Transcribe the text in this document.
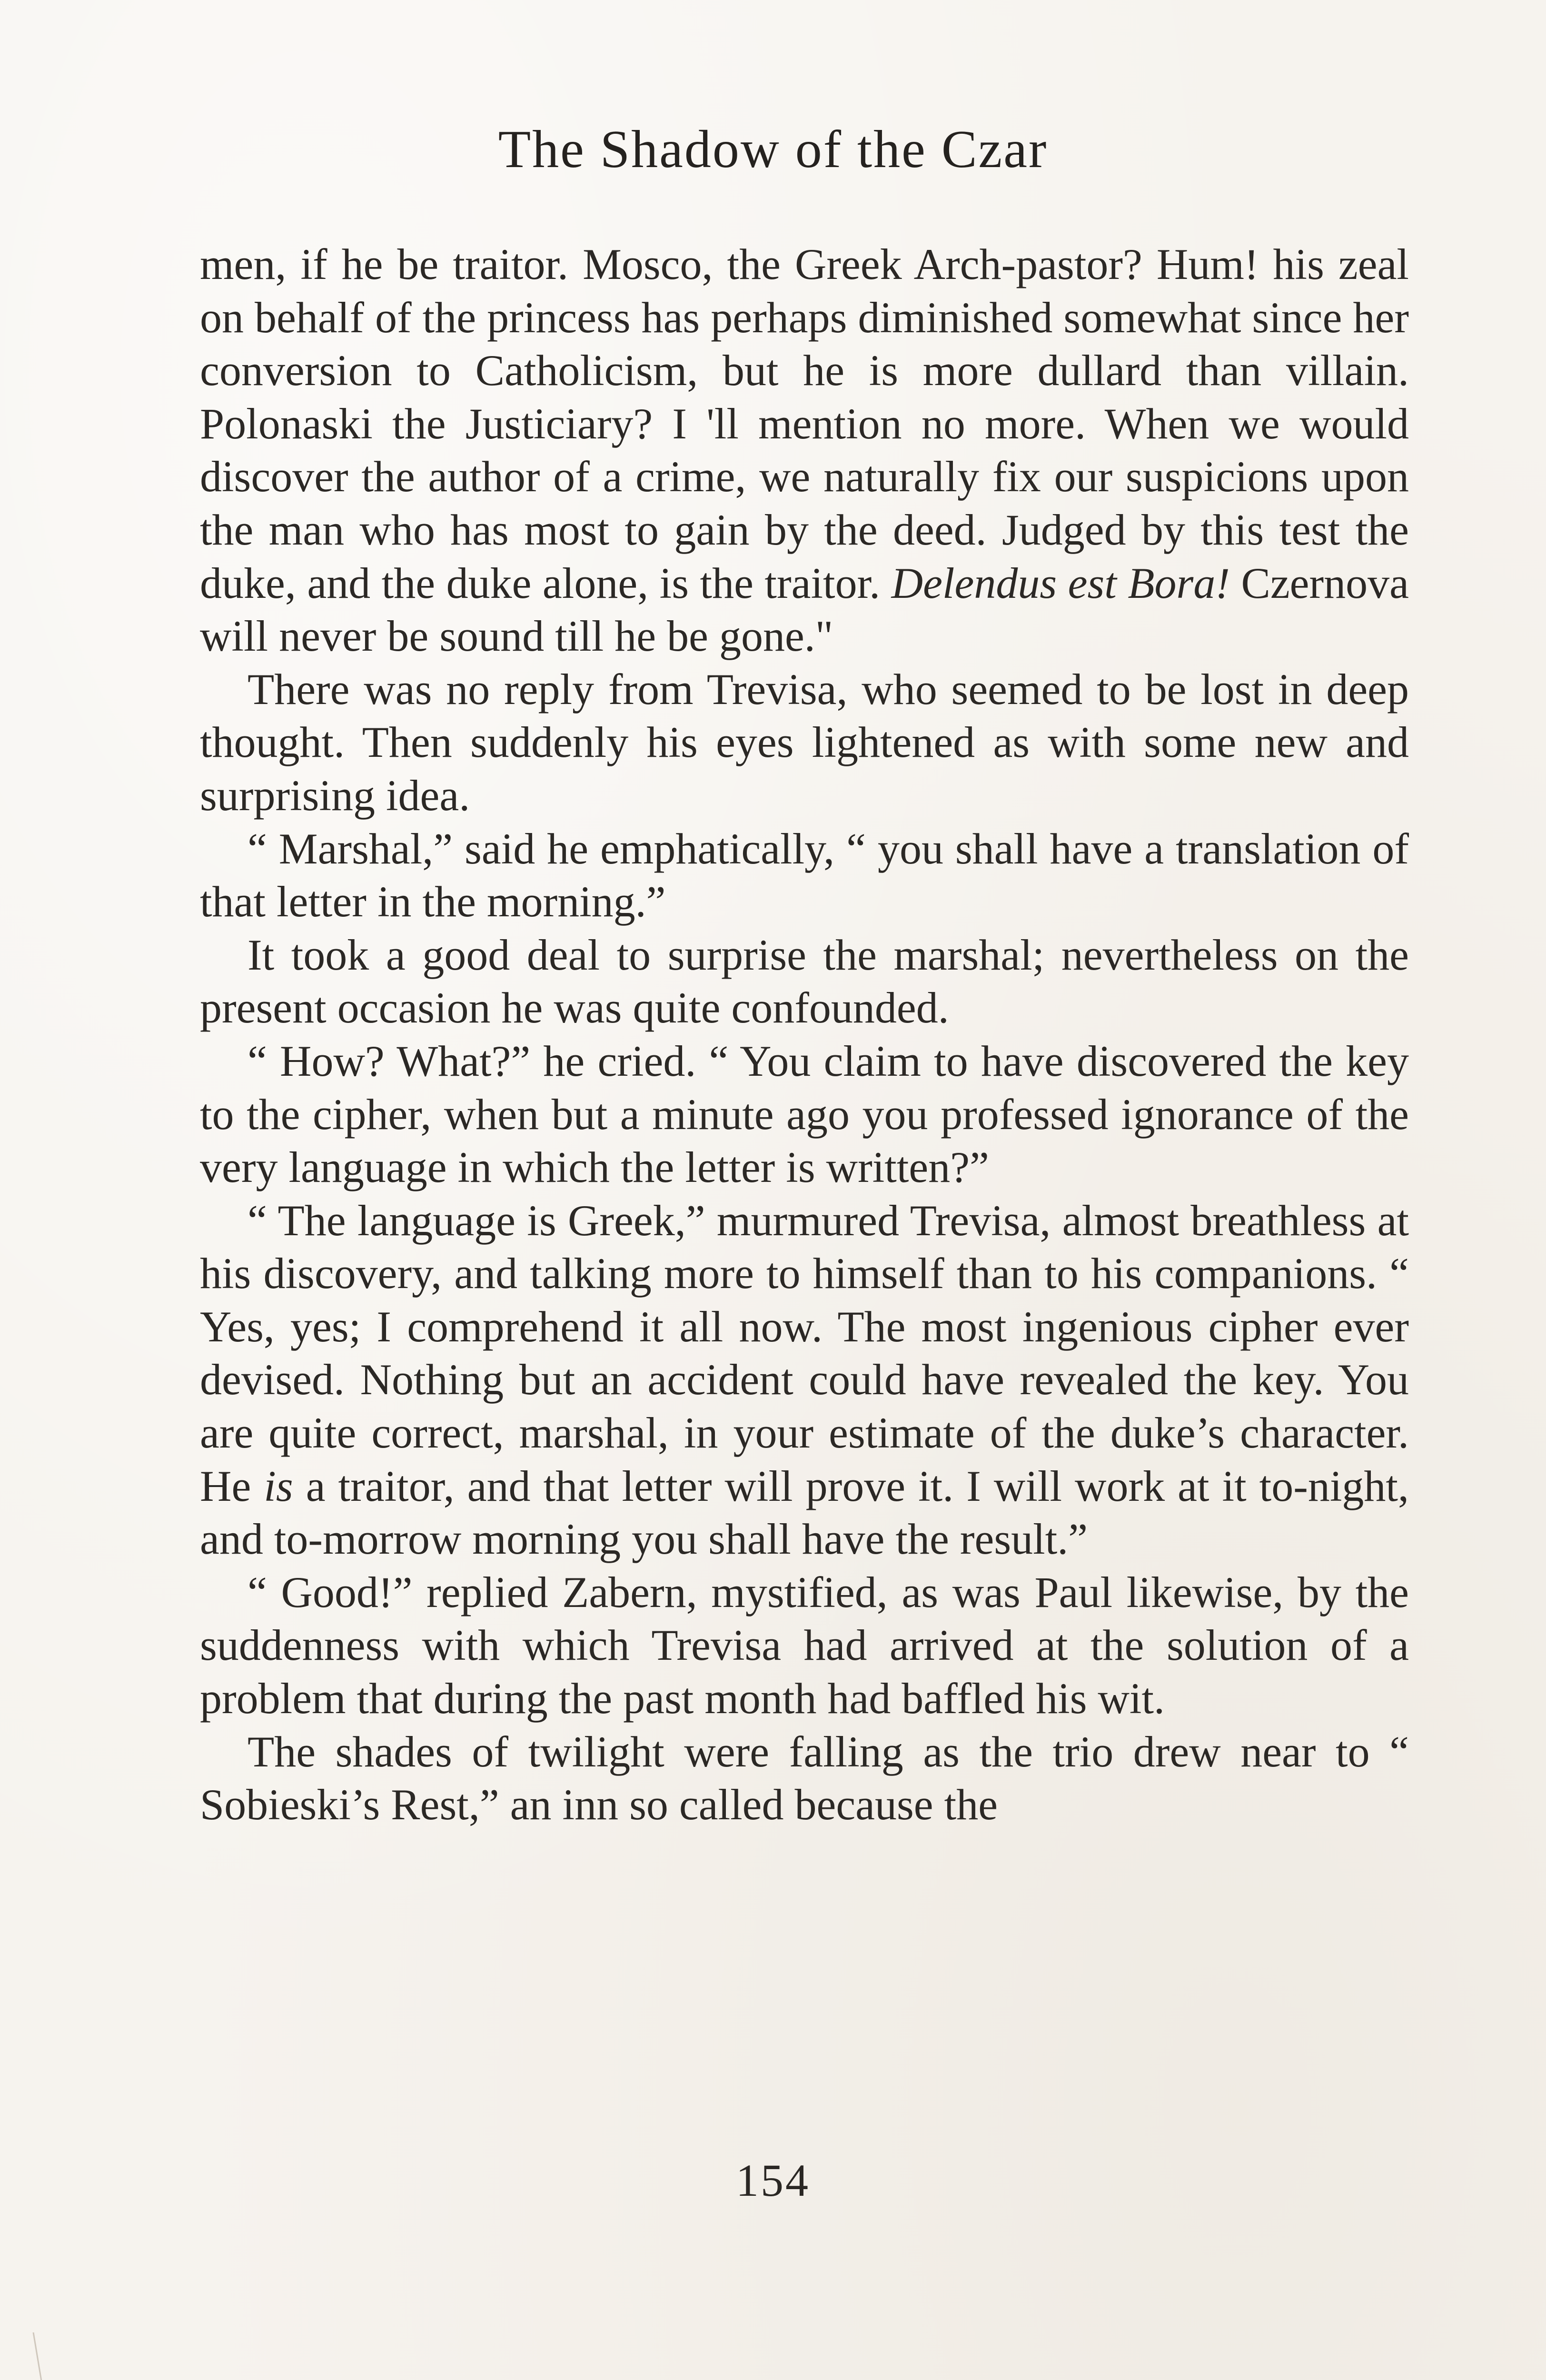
The Shadow of the Czar

men, if he be traitor. Mosco, the Greek Arch-pastor? Hum! his zeal on behalf of the princess has perhaps diminished somewhat since her conversion to Catholicism, but he is more dullard than villain. Polonaski the Justiciary? I 'll mention no more. When we would discover the author of a crime, we naturally fix our suspicions upon the man who has most to gain by the deed. Judged by this test the duke, and the duke alone, is the traitor. Delendus est Bora! Czernova will never be sound till he be gone."

There was no reply from Trevisa, who seemed to be lost in deep thought. Then suddenly his eyes lightened as with some new and surprising idea.

“ Marshal,” said he emphatically, “ you shall have a translation of that letter in the morning.”

It took a good deal to surprise the marshal; nevertheless on the present occasion he was quite confounded.

“ How? What?” he cried. “ You claim to have discovered the key to the cipher, when but a minute ago you professed ignorance of the very language in which the letter is written?”

“ The language is Greek,” murmured Trevisa, almost breathless at his discovery, and talking more to himself than to his companions. “ Yes, yes; I comprehend it all now. The most ingenious cipher ever devised. Nothing but an accident could have revealed the key. You are quite correct, marshal, in your estimate of the duke’s character. He is a traitor, and that letter will prove it. I will work at it to-night, and to-morrow morning you shall have the result.”

“ Good!” replied Zabern, mystified, as was Paul likewise, by the suddenness with which Trevisa had arrived at the solution of a problem that during the past month had baffled his wit.

The shades of twilight were falling as the trio drew near to “ Sobieski’s Rest,” an inn so called because the

154
